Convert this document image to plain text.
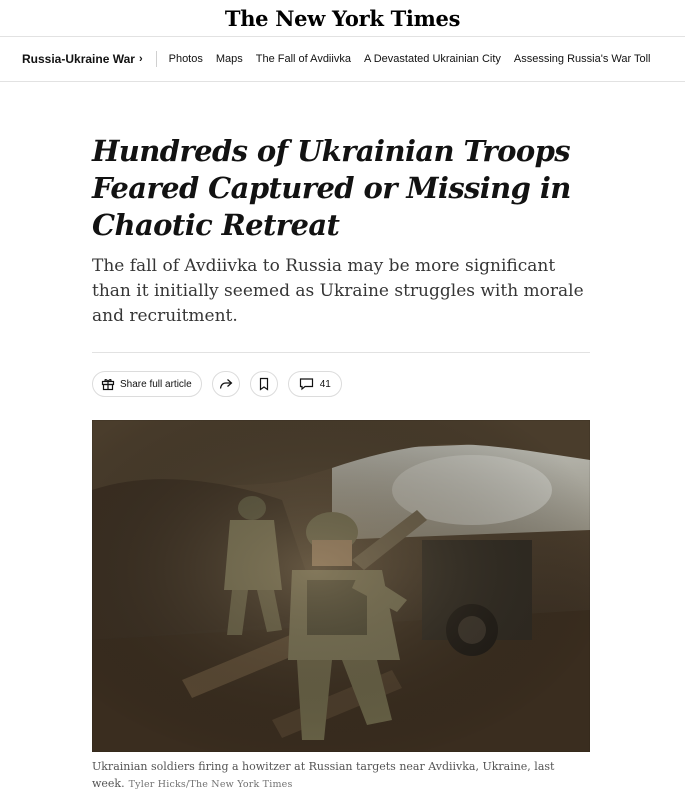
The New York Times
Russia-Ukraine War › Photos Maps The Fall of Avdiivka A Devastated Ukrainian City Assessing Russia's War Toll
Hundreds of Ukrainian Troops Feared Captured or Missing in Chaotic Retreat

The fall of Avdiivka to Russia may be more significant than it initially seemed as Ukraine struggles with morale and recruitment.

Share full article	41
Ukrainian soldiers firing a howitzer at Russian targets near Avdiivka, Ukraine, last week. Tyler Hicks/The New York Times
